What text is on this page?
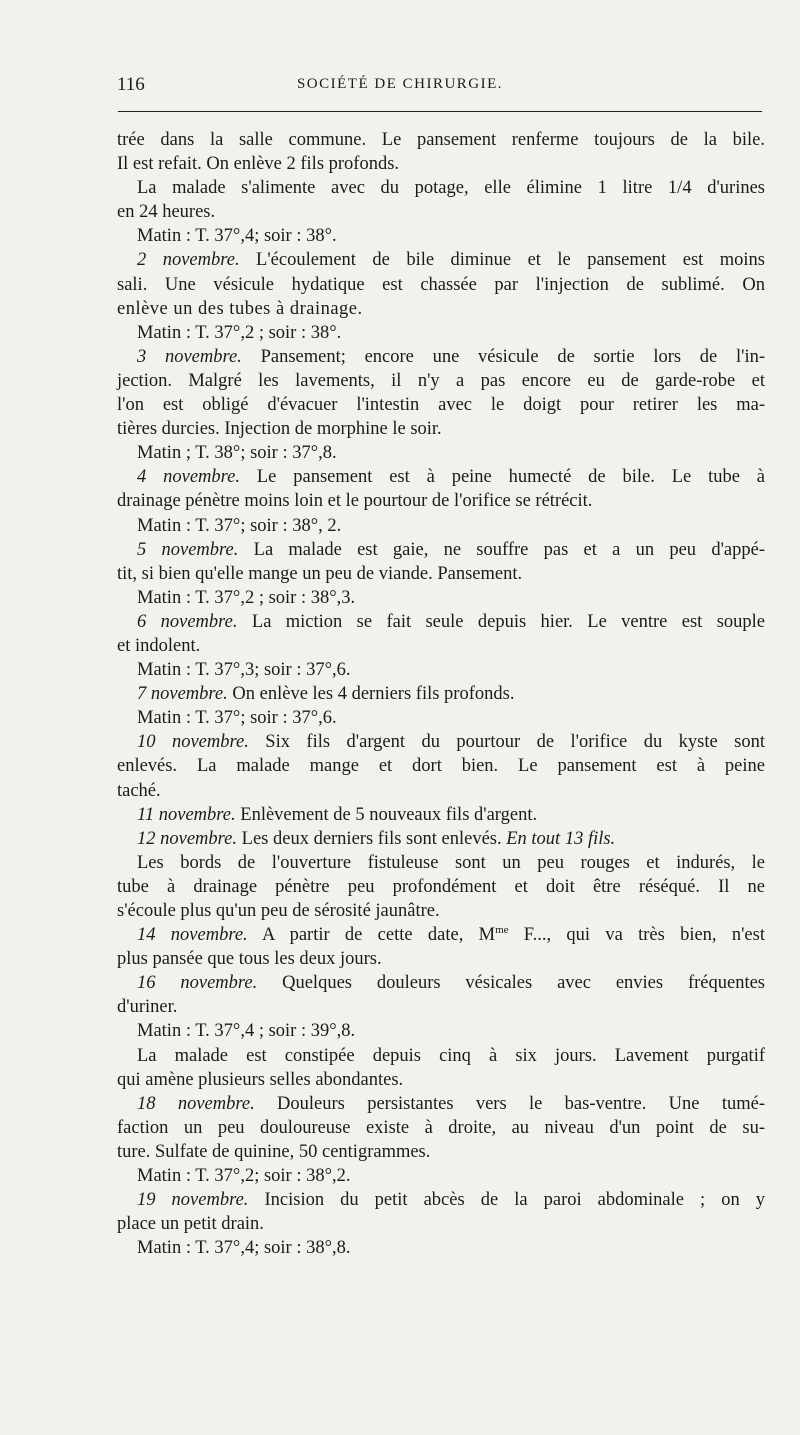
116	SOCIÉTÉ DE CHIRURGIE.
trée dans la salle commune. Le pansement renferme toujours de la bile.
Il est refait. On enlève 2 fils profonds.
La malade s'alimente avec du potage, elle élimine 1 litre 1/4 d'urines
en 24 heures.
Matin : T. 37°,4; soir : 38°.
2 novembre. L'écoulement de bile diminue et le pansement est moins
sali. Une vésicule hydatique est chassée par l'injection de sublimé. On
enlève un des tubes à drainage.
Matin : T. 37°,2 ; soir : 38°.
3 novembre. Pansement; encore une vésicule de sortie lors de l'in-
jection. Malgré les lavements, il n'y a pas encore eu de garde-robe et
l'on est obligé d'évacuer l'intestin avec le doigt pour retirer les ma-
tières durcies. Injection de morphine le soir.
Matin ; T. 38°; soir : 37°,8.
4 novembre. Le pansement est à peine humecté de bile. Le tube à
drainage pénètre moins loin et le pourtour de l'orifice se rétrécit.
Matin : T. 37°; soir : 38°, 2.
5 novembre. La malade est gaie, ne souffre pas et a un peu d'appé-
tit, si bien qu'elle mange un peu de viande. Pansement.
Matin : T. 37°,2 ; soir : 38°,3.
6 novembre. La miction se fait seule depuis hier. Le ventre est souple
et indolent.
Matin : T. 37°,3; soir : 37°,6.
7 novembre. On enlève les 4 derniers fils profonds.
Matin : T. 37°; soir : 37°,6.
10 novembre. Six fils d'argent du pourtour de l'orifice du kyste sont
enlevés. La malade mange et dort bien. Le pansement est à peine
taché.
11 novembre. Enlèvement de 5 nouveaux fils d'argent.
12 novembre. Les deux derniers fils sont enlevés. En tout 13 fils.
Les bords de l'ouverture fistuleuse sont un peu rouges et indurés, le
tube à drainage pénètre peu profondément et doit être réséqué. Il ne
s'écoule plus qu'un peu de sérosité jaunâtre.
14 novembre. A partir de cette date, $M^{me}$ F..., qui va très bien, n'est
plus pansée que tous les deux jours.
16 novembre. Quelques douleurs vésicales avec envies fréquentes
d'uriner.
Matin : T. 37°,4 ; soir : 39°,8.
La malade est constipée depuis cinq à six jours. Lavement purgatif
qui amène plusieurs selles abondantes.
18 novembre. Douleurs persistantes vers le bas-ventre. Une tumé-
faction un peu douloureuse existe à droite, au niveau d'un point de su-
ture. Sulfate de quinine, 50 centigrammes.
Matin : T. 37°,2; soir : 38°,2.
19 novembre. Incision du petit abcès de la paroi abdominale ; on y
place un petit drain.
Matin : T. 37°,4; soir : 38°,8.
